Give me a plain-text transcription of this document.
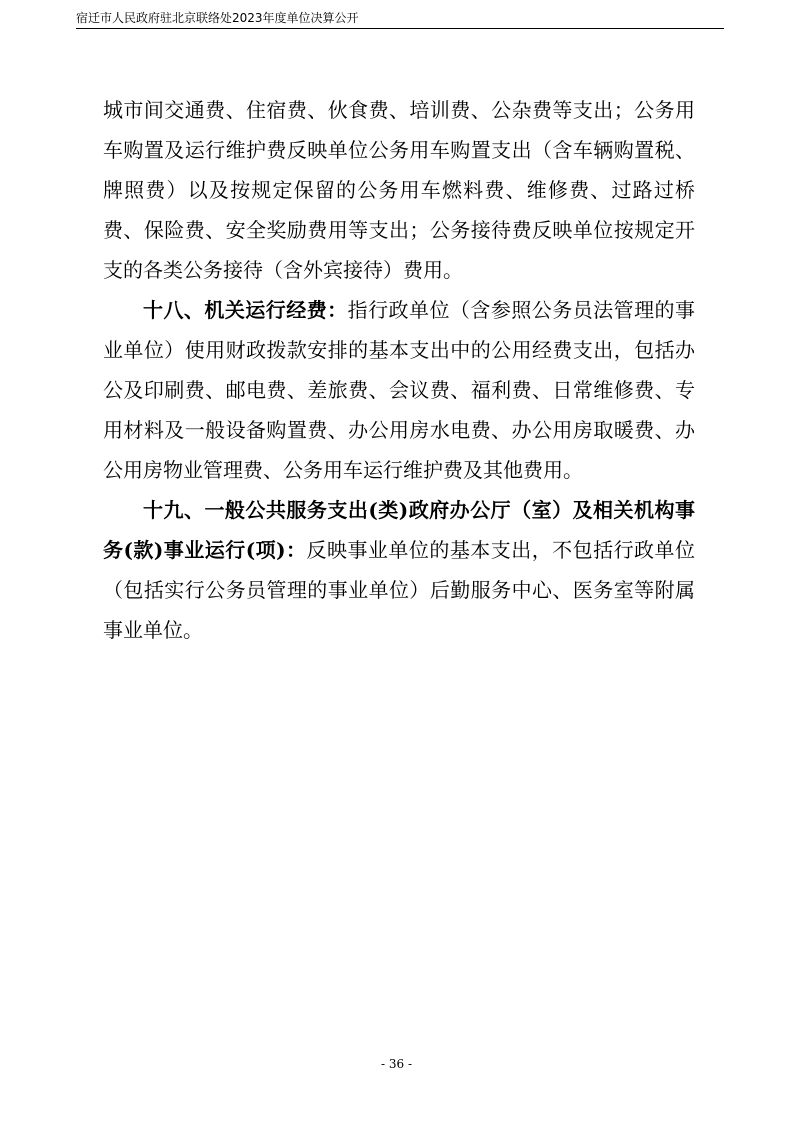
宿迁市人民政府驻北京联络处2023年度单位决算公开

城市间交通费、住宿费、伙食费、培训费、公杂费等支出；公务用车购置及运行维护费反映单位公务用车购置支出（含车辆购置税、牌照费）以及按规定保留的公务用车燃料费、维修费、过路过桥费、保险费、安全奖励费用等支出；公务接待费反映单位按规定开支的各类公务接待（含外宾接待）费用。

十八、机关运行经费：指行政单位（含参照公务员法管理的事业单位）使用财政拨款安排的基本支出中的公用经费支出，包括办公及印刷费、邮电费、差旅费、会议费、福利费、日常维修费、专用材料及一般设备购置费、办公用房水电费、办公用房取暖费、办公用房物业管理费、公务用车运行维护费及其他费用。

十九、一般公共服务支出(类)政府办公厅（室）及相关机构事务(款)事业运行(项)：反映事业单位的基本支出，不包括行政单位（包括实行公务员管理的事业单位）后勤服务中心、医务室等附属事业单位。

- 36 -
